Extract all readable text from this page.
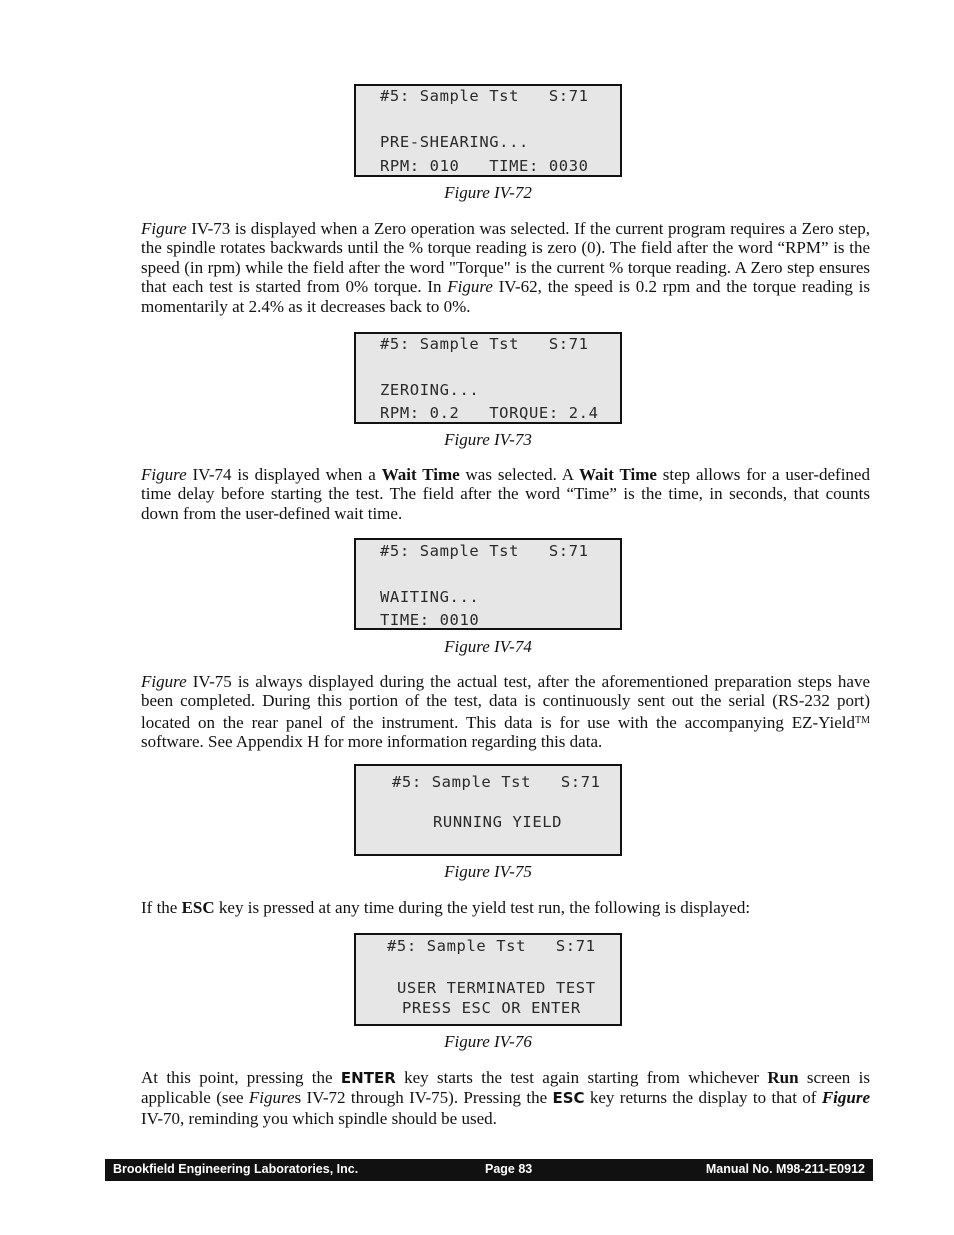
#5: Sample Tst   S:71
PRE-SHEARING...
RPM: 010   TIME: 0030
Figure IV-72
Figure IV-73 is displayed when a Zero operation was selected. If the current program requires a Zero step, the spindle rotates backwards until the % torque reading is zero (0). The field after the word “RPM” is the speed (in rpm) while the field after the word "Torque" is the current % torque reading. A Zero step ensures that each test is started from 0% torque. In Figure IV-62, the speed is 0.2 rpm and the torque reading is momentarily at 2.4% as it decreases back to 0%.
#5: Sample Tst   S:71
ZEROING...
RPM: 0.2   TORQUE: 2.4
Figure IV-73
Figure IV-74 is displayed when a Wait Time was selected. A Wait Time step allows for a user-defined time delay before starting the test. The field after the word “Time” is the time, in seconds, that counts down from the user-defined wait time.
#5: Sample Tst   S:71
WAITING...
TIME: 0010
Figure IV-74
Figure IV-75 is always displayed during the actual test, after the aforementioned preparation steps have been completed. During this portion of the test, data is continuously sent out the serial (RS-232 port) located on the rear panel of the instrument. This data is for use with the accompanying EZ-Yield™ software. See Appendix H for more information regarding this data.
#5: Sample Tst   S:71
RUNNING YIELD
Figure IV-75
If the ESC key is pressed at any time during the yield test run, the following is displayed:
#5: Sample Tst   S:71
USER TERMINATED TEST
PRESS ESC OR ENTER
Figure IV-76
At this point, pressing the ENTER key starts the test again starting from whichever Run screen is applicable (see Figures IV-72 through IV-75). Pressing the ESC key returns the display to that of Figure IV-70, reminding you which spindle should be used.
Brookfield Engineering Laboratories, Inc.	Page 83	Manual No. M98-211-E0912
